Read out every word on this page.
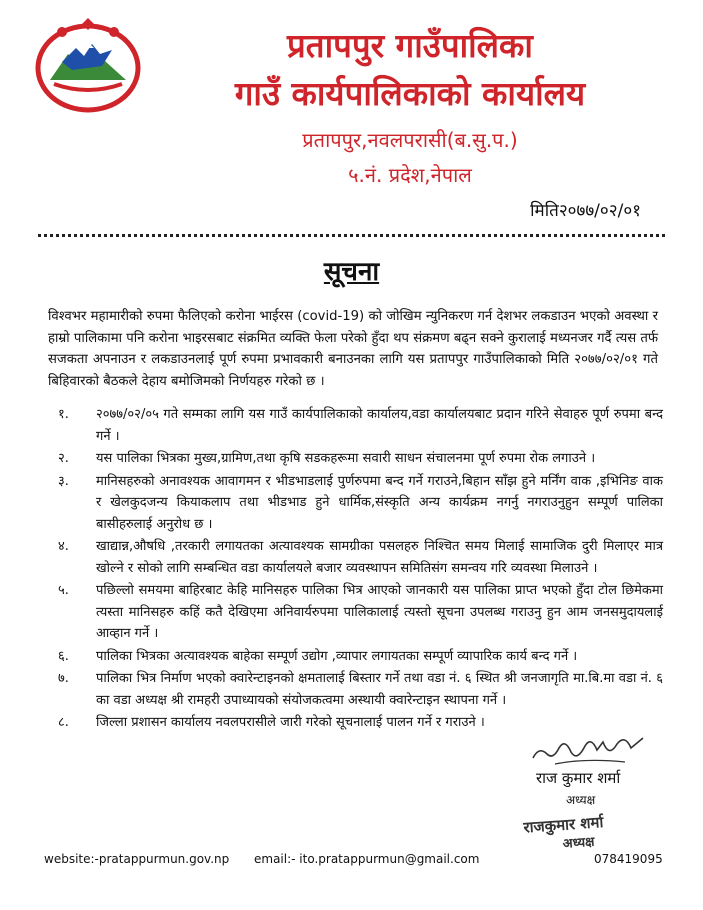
प्रतापपुर गाउँपालिका
गाउँ कार्यपालिकाको कार्यालय
प्रतापपुर,नवलपरासी(ब.सु.प.)
५.नं. प्रदेश,नेपाल
मिति२०७७/०२/०१
सूचना
विश्वभर महामारीको रुपमा फैलिएको करोना भाईरस (covid-19) को जोखिम न्युनिकरण गर्न देशभर लकडाउन भएको अवस्था र हाम्रो पालिकामा पनि करोना भाइरसबाट संक्रमित व्यक्ति फेला परेको हुँदा थप संक्रमण बढ्न सक्ने कुरालाई मध्यनजर गर्दै त्यस तर्फ सजकता अपनाउन र लकडाउनलाई पूर्ण रुपमा प्रभावकारी बनाउनका लागि यस प्रतापपुर गाउँपालिकाको मिति २०७७/०२/०१ गते बिहिवारको बैठकले देहाय बमोजिमको निर्णयहरु गरेको छ ।
१.	२०७७/०२/०५ गते सम्मका लागि यस गाउँ कार्यपालिकाको कार्यालय,वडा कार्यालयबाट प्रदान गरिने सेवाहरु पूर्ण रुपमा बन्द गर्ने ।
२.	यस पालिका भित्रका मुख्य,ग्रामिण,तथा कृषि सडकहरूमा सवारी साधन संचालनमा पूर्ण रुपमा रोक लगाउने ।
३.	मानिसहरुको अनावश्यक आवागमन र भीडभाडलाई पुर्णरुपमा बन्द गर्ने गराउने,बिहान साँझ हुने मर्निंग वाक ,इभिनिङ वाक र खेलकुदजन्य कियाकलाप तथा भीडभाड हुने धार्मिक,संस्कृति अन्य कार्यक्रम नगर्नु नगराउनुहुन सम्पूर्ण पालिका बासीहरुलाई अनुरोध छ ।
४.	खाद्यान्न,औषधि ,तरकारी लगायतका अत्यावश्यक सामग्रीका पसलहरु निश्चित समय मिलाई सामाजिक दुरी मिलाएर मात्र खोल्ने र सोको लागि सम्बन्धित वडा कार्यालयले बजार व्यवस्थापन समितिसंग समन्वय गरि व्यवस्था मिलाउने ।
५.	पछिल्लो समयमा बाहिरबाट केहि मानिसहरु पालिका भित्र आएको जानकारी यस पालिका प्राप्त भएको हुँदा टोल छिमेकमा त्यस्ता मानिसहरु कहिं कतै देखिएमा अनिवार्यरुपमा पालिकालाई त्यस्तो सूचना उपलब्ध गराउनु हुन आम जनसमुदायलाई आव्हान गर्ने ।
६.	पालिका भित्रका अत्यावश्यक बाहेका सम्पूर्ण उद्योग ,व्यापार लगायतका सम्पूर्ण व्यापारिक कार्य बन्द गर्ने ।
७.	पालिका भित्र निर्माण भएको क्वारेन्टाइनको क्षमतालाई बिस्तार गर्ने तथा वडा नं. ६ स्थित श्री जनजागृति मा.बि.मा वडा नं. ६ का वडा अध्यक्ष श्री रामहरी उपाध्यायको संयोजकत्वमा अस्थायी क्वारेन्टाइन स्थापना गर्ने ।
८.	जिल्ला प्रशासन कार्यालय नवलपरासीले जारी गरेको सूचनालाई पालन गर्ने र गराउने ।
राज कुमार शर्मा
अध्यक्ष
राजकुमार शर्मा
अध्यक्ष
website:-pratappurmun.gov.np email:- ito.pratappurmun@gmail.com	078419095
